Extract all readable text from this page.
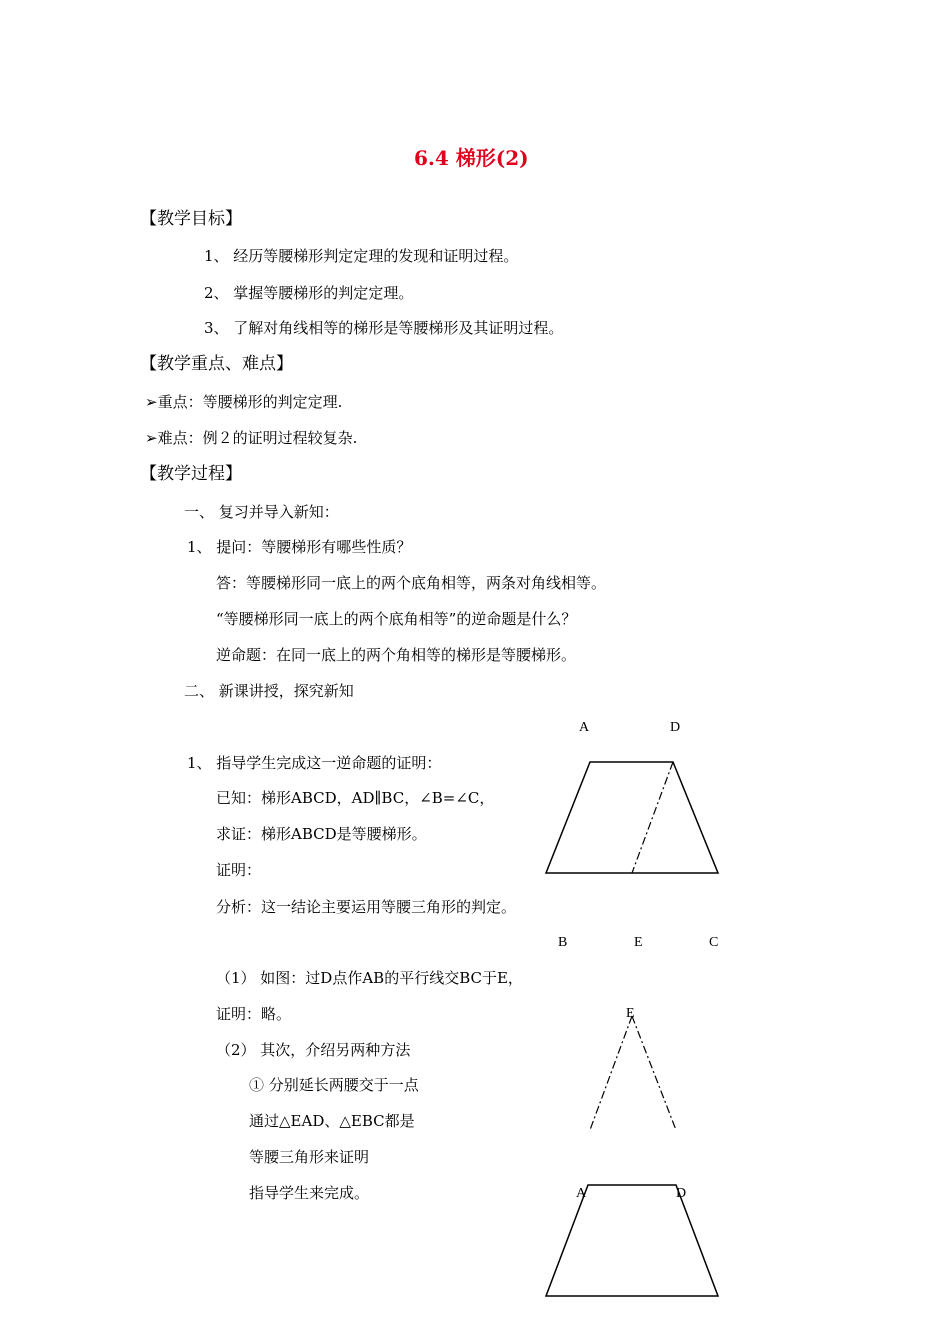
6.4 梯形(2)
【教学目标】
1、 经历等腰梯形判定定理的发现和证明过程。
2、 掌握等腰梯形的判定定理。
3、 了解对角线相等的梯形是等腰梯形及其证明过程。
【教学重点、难点】
➢重点：等腰梯形的判定定理.
➢难点：例２的证明过程较复杂.
【教学过程】
一、 复习并导入新知：
1、 提问：等腰梯形有哪些性质？
答：等腰梯形同一底上的两个底角相等，两条对角线相等。
“等腰梯形同一底上的两个底角相等”的逆命题是什么？
逆命题：在同一底上的两个角相等的梯形是等腰梯形。
二、 新课讲授，探究新知
1、 指导学生完成这一逆命题的证明：
已知：梯形ABCD，AD∥BC，∠B=∠C，
求证：梯形ABCD是等腰梯形。
证明：
分析：这一结论主要运用等腰三角形的判定。
（1） 如图：过D点作AB的平行线交BC于E，
证明：略。
（2） 其次，介绍另两种方法
① 分别延长两腰交于一点
通过△EAD、△EBC都是
等腰三角形来证明
指导学生来完成。
A	D
B	E	C
E
A	D
